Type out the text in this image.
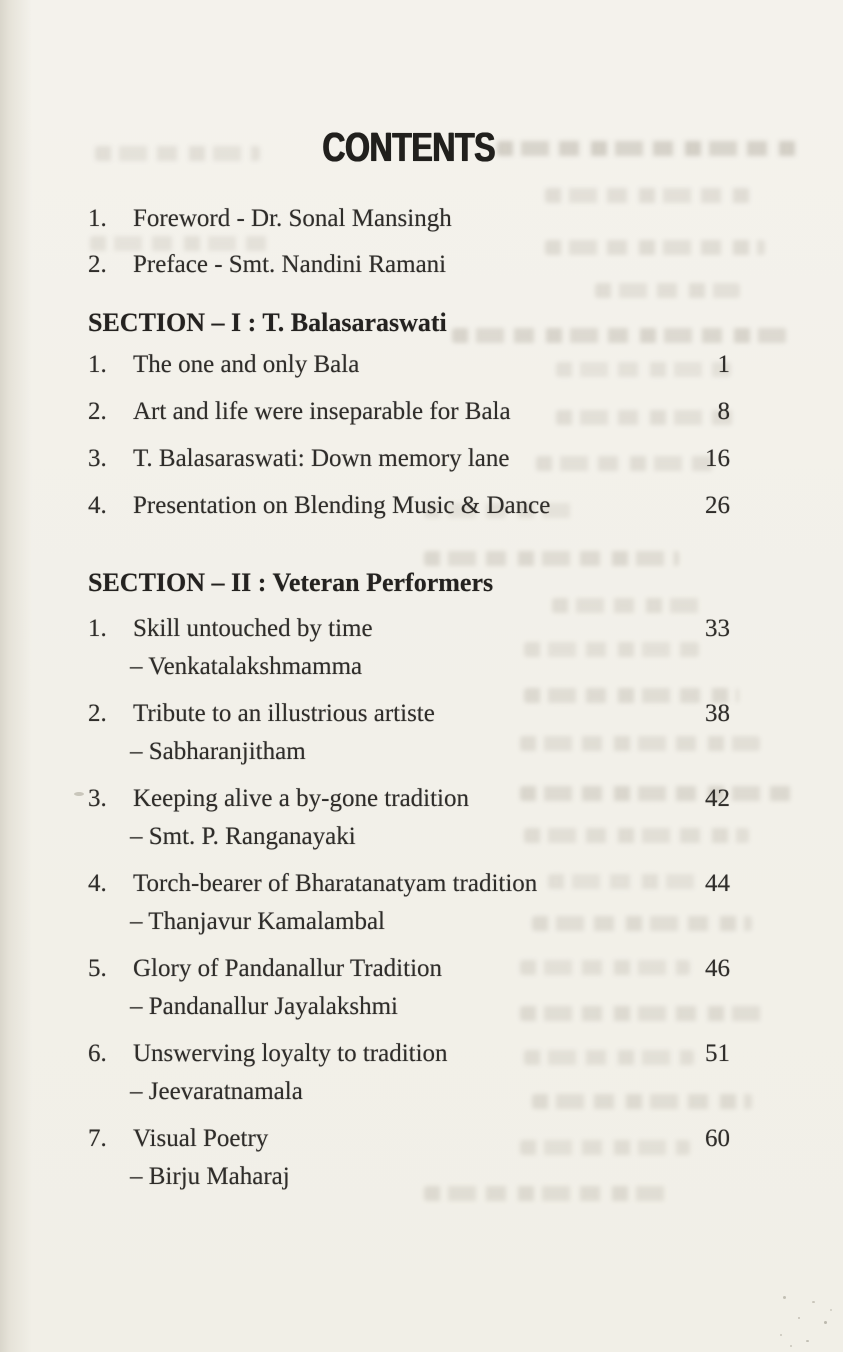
CONTENTS
1.	Foreword - Dr. Sonal Mansingh
2.	Preface - Smt. Nandini Ramani
SECTION – I : T. Balasaraswati
1.	The one and only Bala	1
2.	Art and life were inseparable for Bala	8
3.	T. Balasaraswati: Down memory lane	16
4.	Presentation on Blending Music & Dance	26
SECTION – II : Veteran Performers
1.	Skill untouched by time	33
– Venkatalakshmamma
2.	Tribute to an illustrious artiste	38
– Sabharanjitham
3.	Keeping alive a by-gone tradition	42
– Smt. P. Ranganayaki
4.	Torch-bearer of Bharatanatyam tradition	44
– Thanjavur Kamalambal
5.	Glory of Pandanallur Tradition	46
– Pandanallur Jayalakshmi
6.	Unswerving loyalty to tradition	51
– Jeevaratnamala
7.	Visual Poetry	60
– Birju Maharaj
